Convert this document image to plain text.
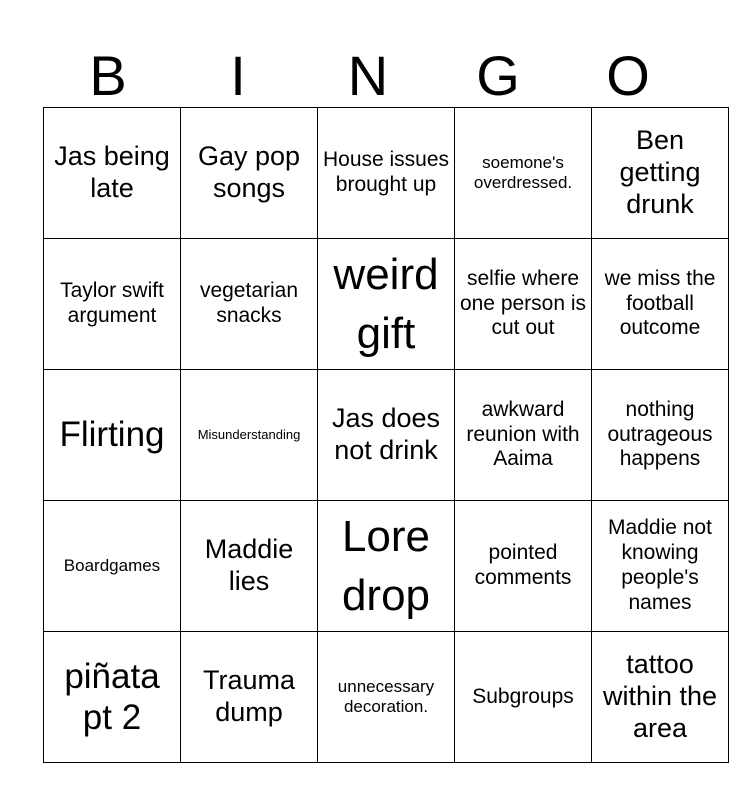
B	I	N	G	O
Jas being late	Gay pop songs	House issues brought up	soemone's overdressed.	Ben getting drunk
Taylor swift argument	vegetarian snacks	weird gift	selfie where one person is cut out	we miss the football outcome
Flirting	Misunderstanding	Jas does not drink	awkward reunion with Aaima	nothing outrageous happens
Boardgames	Maddie lies	Lore drop	pointed comments	Maddie not knowing people's names
piñata pt 2	Trauma dump	unnecessary decoration.	Subgroups	tattoo within the area
